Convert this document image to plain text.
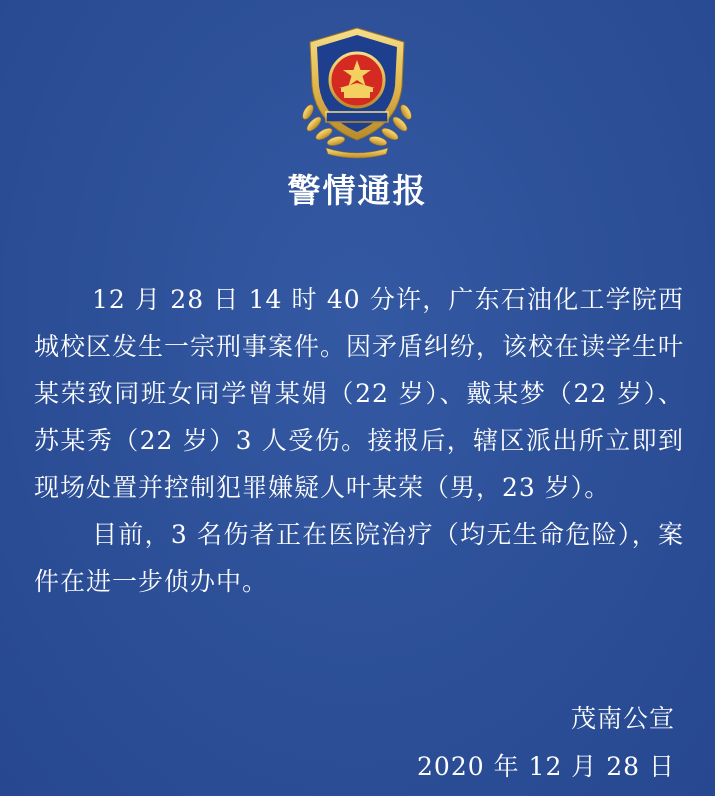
警情通报

12 月 28 日 14 时 40 分许，广东石油化工学院西城校区发生一宗刑事案件。因矛盾纠纷，该校在读学生叶某荣致同班女同学曾某娟（22 岁）、戴某梦（22 岁）、苏某秀（22 岁）3 人受伤。接报后，辖区派出所立即到现场处置并控制犯罪嫌疑人叶某荣（男，23 岁）。

目前，3 名伤者正在医院治疗（均无生命危险），案件在进一步侦办中。

茂南公宣
2020 年 12 月 28 日
